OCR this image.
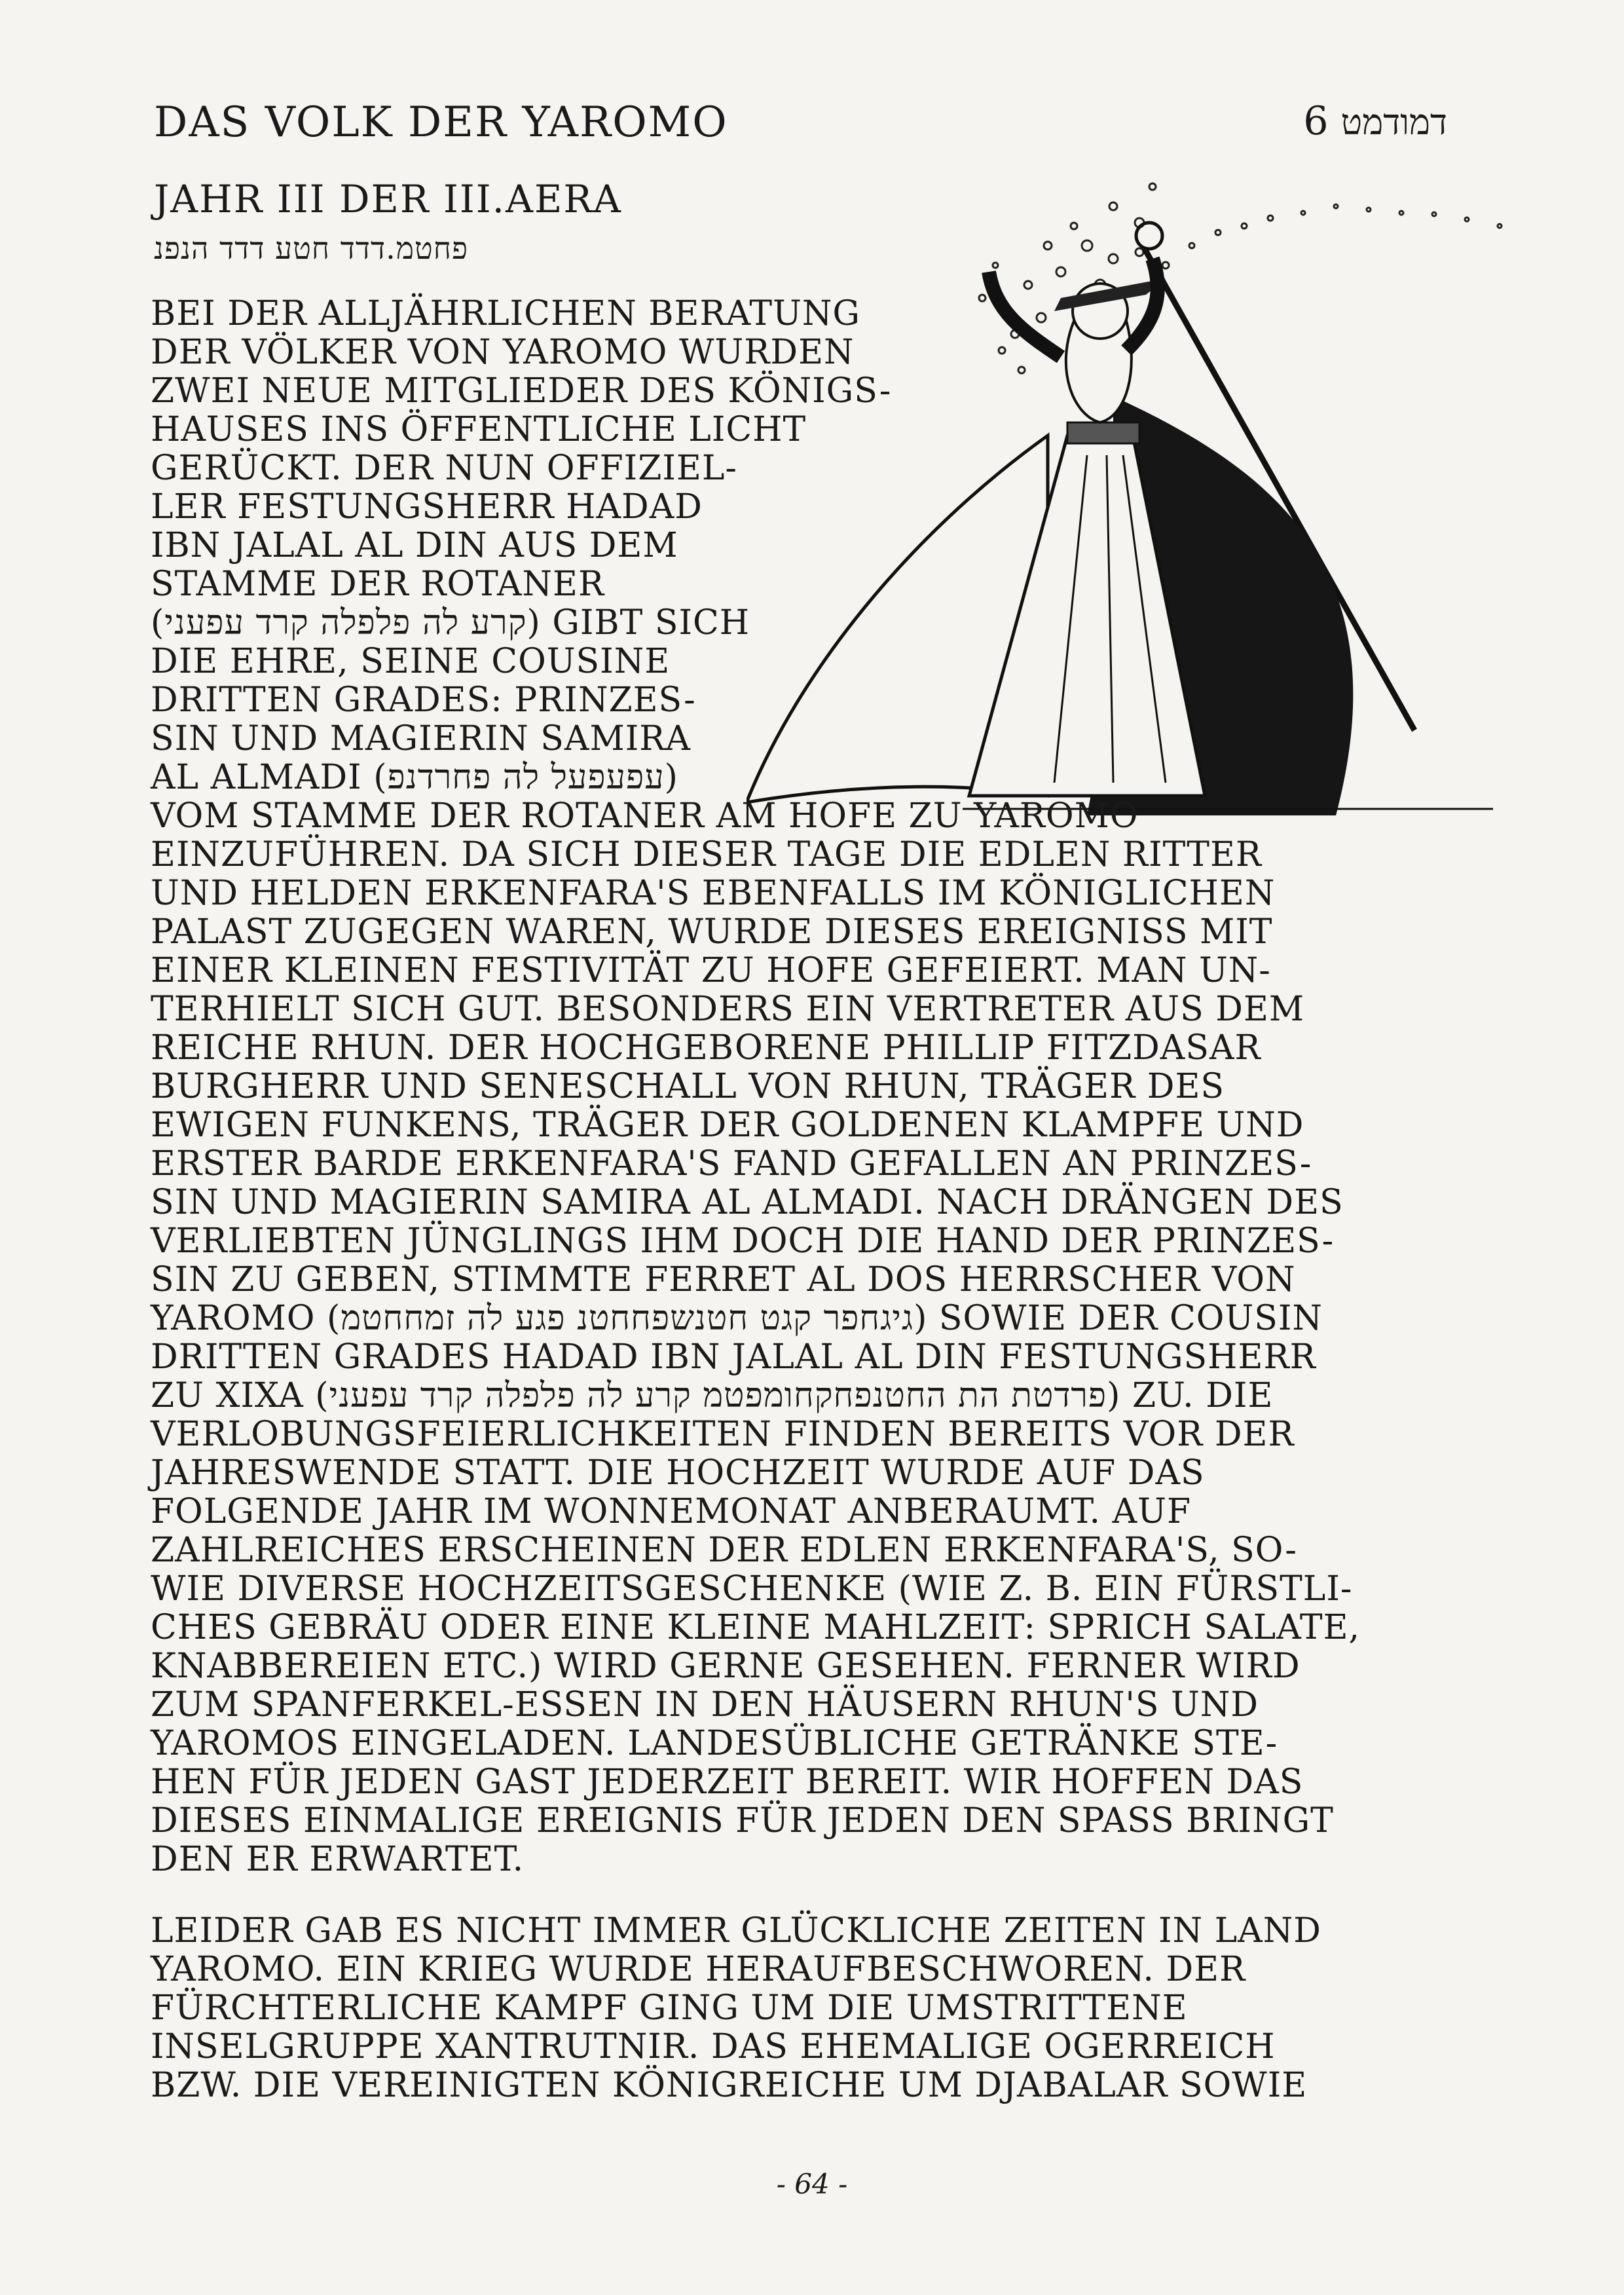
DAS VOLK DER YAROMO	דמודמט 6
JAHR III DER III.AERA
פחטמ.דדד חטע דדד הנפנ
BEI DER ALLJÄHRLICHEN BERATUNG
DER VÖLKER VON YAROMO WURDEN
ZWEI NEUE MITGLIEDER DES KÖNIGS-
HAUSES INS ÖFFENTLICHE LICHT
GERÜCKT. DER NUN OFFIZIEL-
LER FESTUNGSHERR HADAD
IBN JALAL AL DIN AUS DEM
STAMME DER ROTANER
(קרע לה פלפלה קרד עפעני) GIBT SICH
DIE EHRE, SEINE COUSINE
DRITTEN GRADES: PRINZES-
SIN UND MAGIERIN SAMIRA
AL ALMADI (עפעפעל לה פחרדנפ)
VOM STAMME DER ROTANER AM HOFE ZU YAROMO
EINZUFÜHREN. DA SICH DIESER TAGE DIE EDLEN RITTER
UND HELDEN ERKENFARA'S EBENFALLS IM KÖNIGLICHEN
PALAST ZUGEGEN WAREN, WURDE DIESES EREIGNISS MIT
EINER KLEINEN FESTIVITÄT ZU HOFE GEFEIERT. MAN UN-
TERHIELT SICH GUT. BESONDERS EIN VERTRETER AUS DEM
REICHE RHUN. DER HOCHGEBORENE PHILLIP FITZDASAR
BURGHERR UND SENESCHALL VON RHUN, TRÄGER DES
EWIGEN FUNKENS, TRÄGER DER GOLDENEN KLAMPFE UND
ERSTER BARDE ERKENFARA'S FAND GEFALLEN AN PRINZES-
SIN UND MAGIERIN SAMIRA AL ALMADI. NACH DRÄNGEN DES
VERLIEBTEN JÜNGLINGS IHM DOCH DIE HAND DER PRINZES-
SIN ZU GEBEN, STIMMTE FERRET AL DOS HERRSCHER VON
YAROMO (גיגחפר קגט חטנשפחחטנ פגע לה זמחחטמ) SOWIE DER COUSIN
DRITTEN GRADES HADAD IBN JALAL AL DIN FESTUNGSHERR
ZU XIXA (פרדטת הת החטנפחקחומפטמ קרע לה פלפלה קרד עפעני) ZU. DIE
VERLOBUNGSFEIERLICHKEITEN FINDEN BEREITS VOR DER
JAHRESWENDE STATT. DIE HOCHZEIT WURDE AUF DAS
FOLGENDE JAHR IM WONNEMONAT ANBERAUMT. AUF
ZAHLREICHES ERSCHEINEN DER EDLEN ERKENFARA'S, SO-
WIE DIVERSE HOCHZEITSGESCHENKE (WIE Z. B. EIN FÜRSTLI-
CHES GEBRÄU ODER EINE KLEINE MAHLZEIT: SPRICH SALATE,
KNABBEREIEN ETC.) WIRD GERNE GESEHEN. FERNER WIRD
ZUM SPANFERKEL-ESSEN IN DEN HÄUSERN RHUN'S UND
YAROMOS EINGELADEN. LANDESÜBLICHE GETRÄNKE STE-
HEN FÜR JEDEN GAST JEDERZEIT BEREIT. WIR HOFFEN DAS
DIESES EINMALIGE EREIGNIS FÜR JEDEN DEN SPASS BRINGT
DEN ER ERWARTET.
LEIDER GAB ES NICHT IMMER GLÜCKLICHE ZEITEN IN LAND
YAROMO. EIN KRIEG WURDE HERAUFBESCHWOREN. DER
FÜRCHTERLICHE KAMPF GING UM DIE UMSTRITTENE
INSELGRUPPE XANTRUTNIR. DAS EHEMALIGE OGERREICH
BZW. DIE VEREINIGTEN KÖNIGREICHE UM DJABALAR SOWIE
- 64 -
